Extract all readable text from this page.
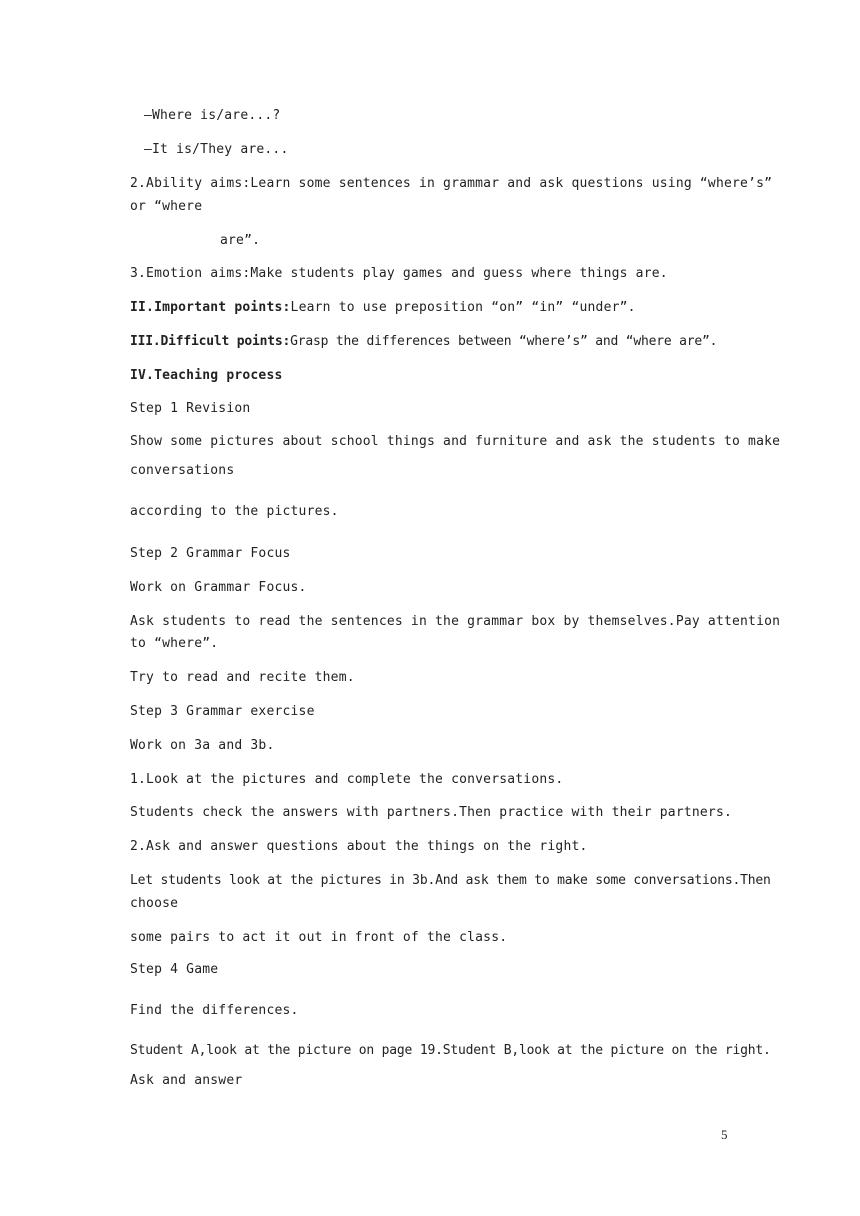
—Where is/are...?
—It is/They are...
2.Ability aims:Learn some sentences in grammar and ask questions using “where’s”
or “where
are”.
3.Emotion aims:Make students play games and guess where things are.
II.Important points:Learn to use preposition “on” “in” “under”.
III.Difficult points:Grasp the differences between “where’s” and “where are”.
IV.Teaching process
Step 1 Revision
Show some pictures about school things and furniture and ask the students to make
conversations
according to the pictures.
Step 2 Grammar Focus
Work on Grammar Focus.
Ask students to read the sentences in the grammar box by themselves.Pay attention
to “where”.
Try to read and recite them.
Step 3 Grammar exercise
Work on 3a and 3b.
1.Look at the pictures and complete the conversations.
Students check the answers with partners.Then practice with their partners.
2.Ask and answer questions about the things on the right.
Let students look at the pictures in 3b.And ask them to make some conversations.Then
choose
some pairs to act it out in front of the class.
Step 4 Game
Find the differences.
Student A,look at the picture on page 19.Student B,look at the picture on the right.
Ask and answer
5
